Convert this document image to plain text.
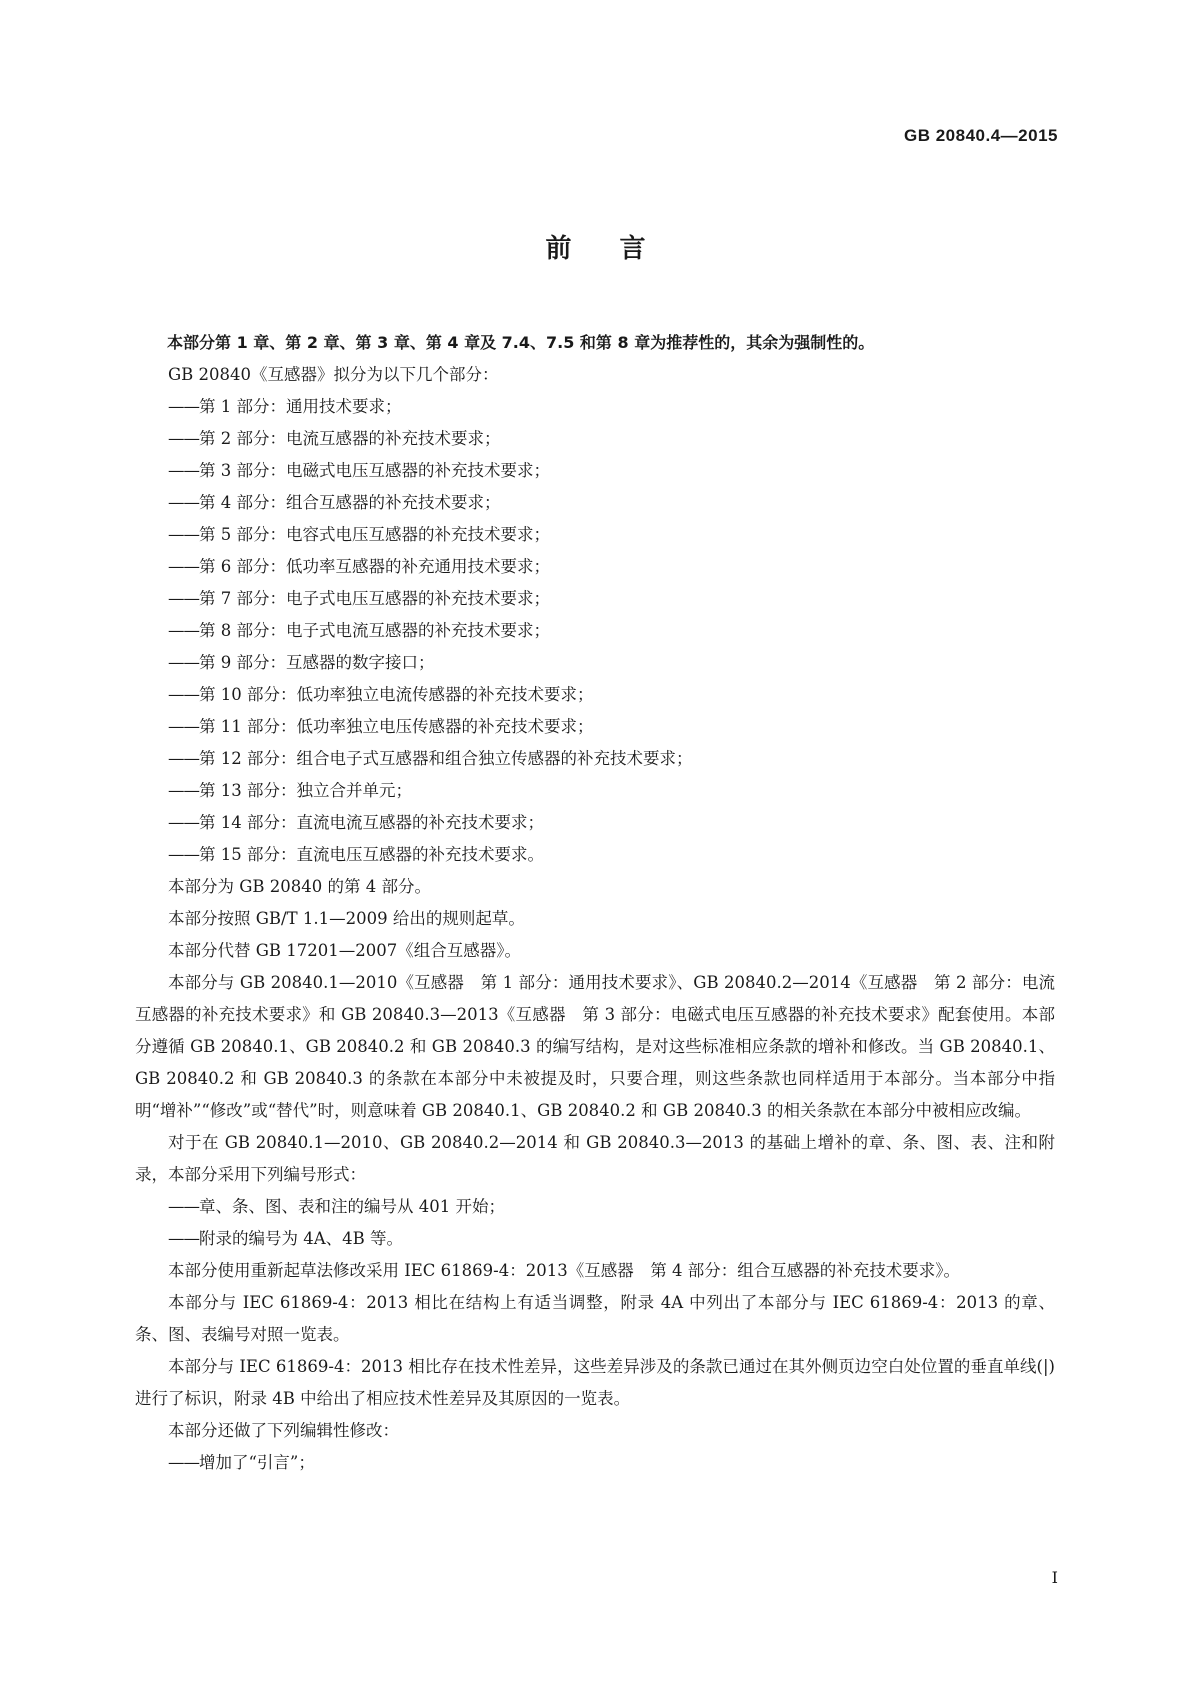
GB 20840.4—2015
前言

本部分第 1 章、第 2 章、第 3 章、第 4 章及 7.4、7.5 和第 8 章为推荐性的，其余为强制性的。

GB 20840《互感器》拟分为以下几个部分：

——第 1 部分：通用技术要求；
——第 2 部分：电流互感器的补充技术要求；
——第 3 部分：电磁式电压互感器的补充技术要求；
——第 4 部分：组合互感器的补充技术要求；
——第 5 部分：电容式电压互感器的补充技术要求；
——第 6 部分：低功率互感器的补充通用技术要求；
——第 7 部分：电子式电压互感器的补充技术要求；
——第 8 部分：电子式电流互感器的补充技术要求；
——第 9 部分：互感器的数字接口；
——第 10 部分：低功率独立电流传感器的补充技术要求；
——第 11 部分：低功率独立电压传感器的补充技术要求；
——第 12 部分：组合电子式互感器和组合独立传感器的补充技术要求；
——第 13 部分：独立合并单元；
——第 14 部分：直流电流互感器的补充技术要求；
——第 15 部分：直流电压互感器的补充技术要求。

本部分为 GB 20840 的第 4 部分。

本部分按照 GB/T 1.1—2009 给出的规则起草。

本部分代替 GB 17201—2007《组合互感器》。

本部分与 GB 20840.1—2010《互感器　第 1 部分：通用技术要求》、GB 20840.2—2014《互感器　第 2 部分：电流互感器的补充技术要求》和 GB 20840.3—2013《互感器　第 3 部分：电磁式电压互感器的补充技术要求》配套使用。本部分遵循 GB 20840.1、GB 20840.2 和 GB 20840.3 的编写结构，是对这些标准相应条款的增补和修改。当 GB 20840.1、GB 20840.2 和 GB 20840.3 的条款在本部分中未被提及时，只要合理，则这些条款也同样适用于本部分。当本部分中指明“增补”“修改”或“替代”时，则意味着 GB 20840.1、GB 20840.2 和 GB 20840.3 的相关条款在本部分中被相应改编。

对于在 GB 20840.1—2010、GB 20840.2—2014 和 GB 20840.3—2013 的基础上增补的章、条、图、表、注和附录，本部分采用下列编号形式：

——章、条、图、表和注的编号从 401 开始；
——附录的编号为 4A、4B 等。

本部分使用重新起草法修改采用 IEC 61869-4：2013《互感器　第 4 部分：组合互感器的补充技术要求》。

本部分与 IEC 61869-4：2013 相比在结构上有适当调整，附录 4A 中列出了本部分与 IEC 61869-4：2013 的章、条、图、表编号对照一览表。

本部分与 IEC 61869-4：2013 相比存在技术性差异，这些差异涉及的条款已通过在其外侧页边空白处位置的垂直单线(|)进行了标识，附录 4B 中给出了相应技术性差异及其原因的一览表。

本部分还做了下列编辑性修改：

——增加了“引言”；
I
